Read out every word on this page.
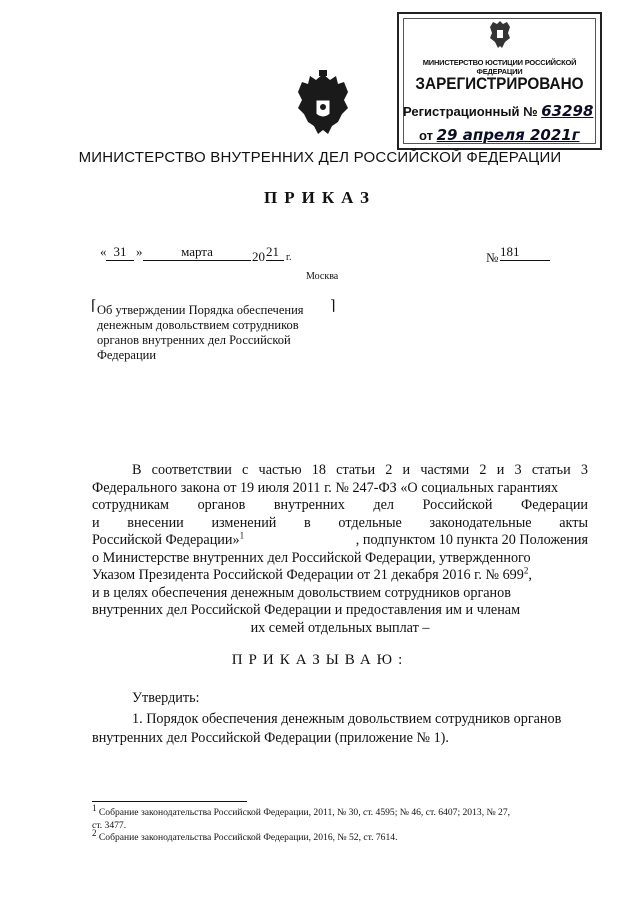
МИНИСТЕРСТВО ЮСТИЦИИ РОССИЙСКОЙ ФЕДЕРАЦИИ
ЗАРЕГИСТРИРОВАНО
Регистрационный № 63298
от 29 апреля 2021г
МИНИСТЕРСТВО ВНУТРЕННИХ ДЕЛ РОССИЙСКОЙ ФЕДЕРАЦИИ
ПРИКАЗ
« 31 »	марта	20 21 г.	№ 181
Москва
⌈	⌉
Об утверждении Порядка обеспечения
денежным довольствием сотрудников
органов внутренних дел Российской
Федерации
В соответствии с частью 18 статьи 2 и частями 2 и 3 статьи 3
Федерального закона от 19 июля 2011 г. № 247-ФЗ «О социальных гарантиях
сотрудникам органов внутренних дел Российской Федерации
и внесении изменений в отдельные законодательные акты
Российской Федерации»$^1$	, подпунктом 10 пункта 20 Положения
о Министерстве внутренних дел Российской Федерации, утвержденного
Указом Президента Российской Федерации от 21 декабря 2016 г. № $699^2$,
и в целях обеспечения денежным довольствием сотрудников органов
внутренних дел Российской Федерации и предоставления им и членам
их семей отдельных выплат –
ПРИКАЗЫВАЮ:
Утвердить:
1. Порядок обеспечения денежным довольствием сотрудников органов
внутренних дел Российской Федерации (приложение № 1).
$^1$ Собрание законодательства Российской Федерации, 2011, № 30, ст. 4595; № 46, ст. 6407; 2013, № 27,
ст. 3477.
$^2$ Собрание законодательства Российской Федерации, 2016, № 52, ст. 7614.
